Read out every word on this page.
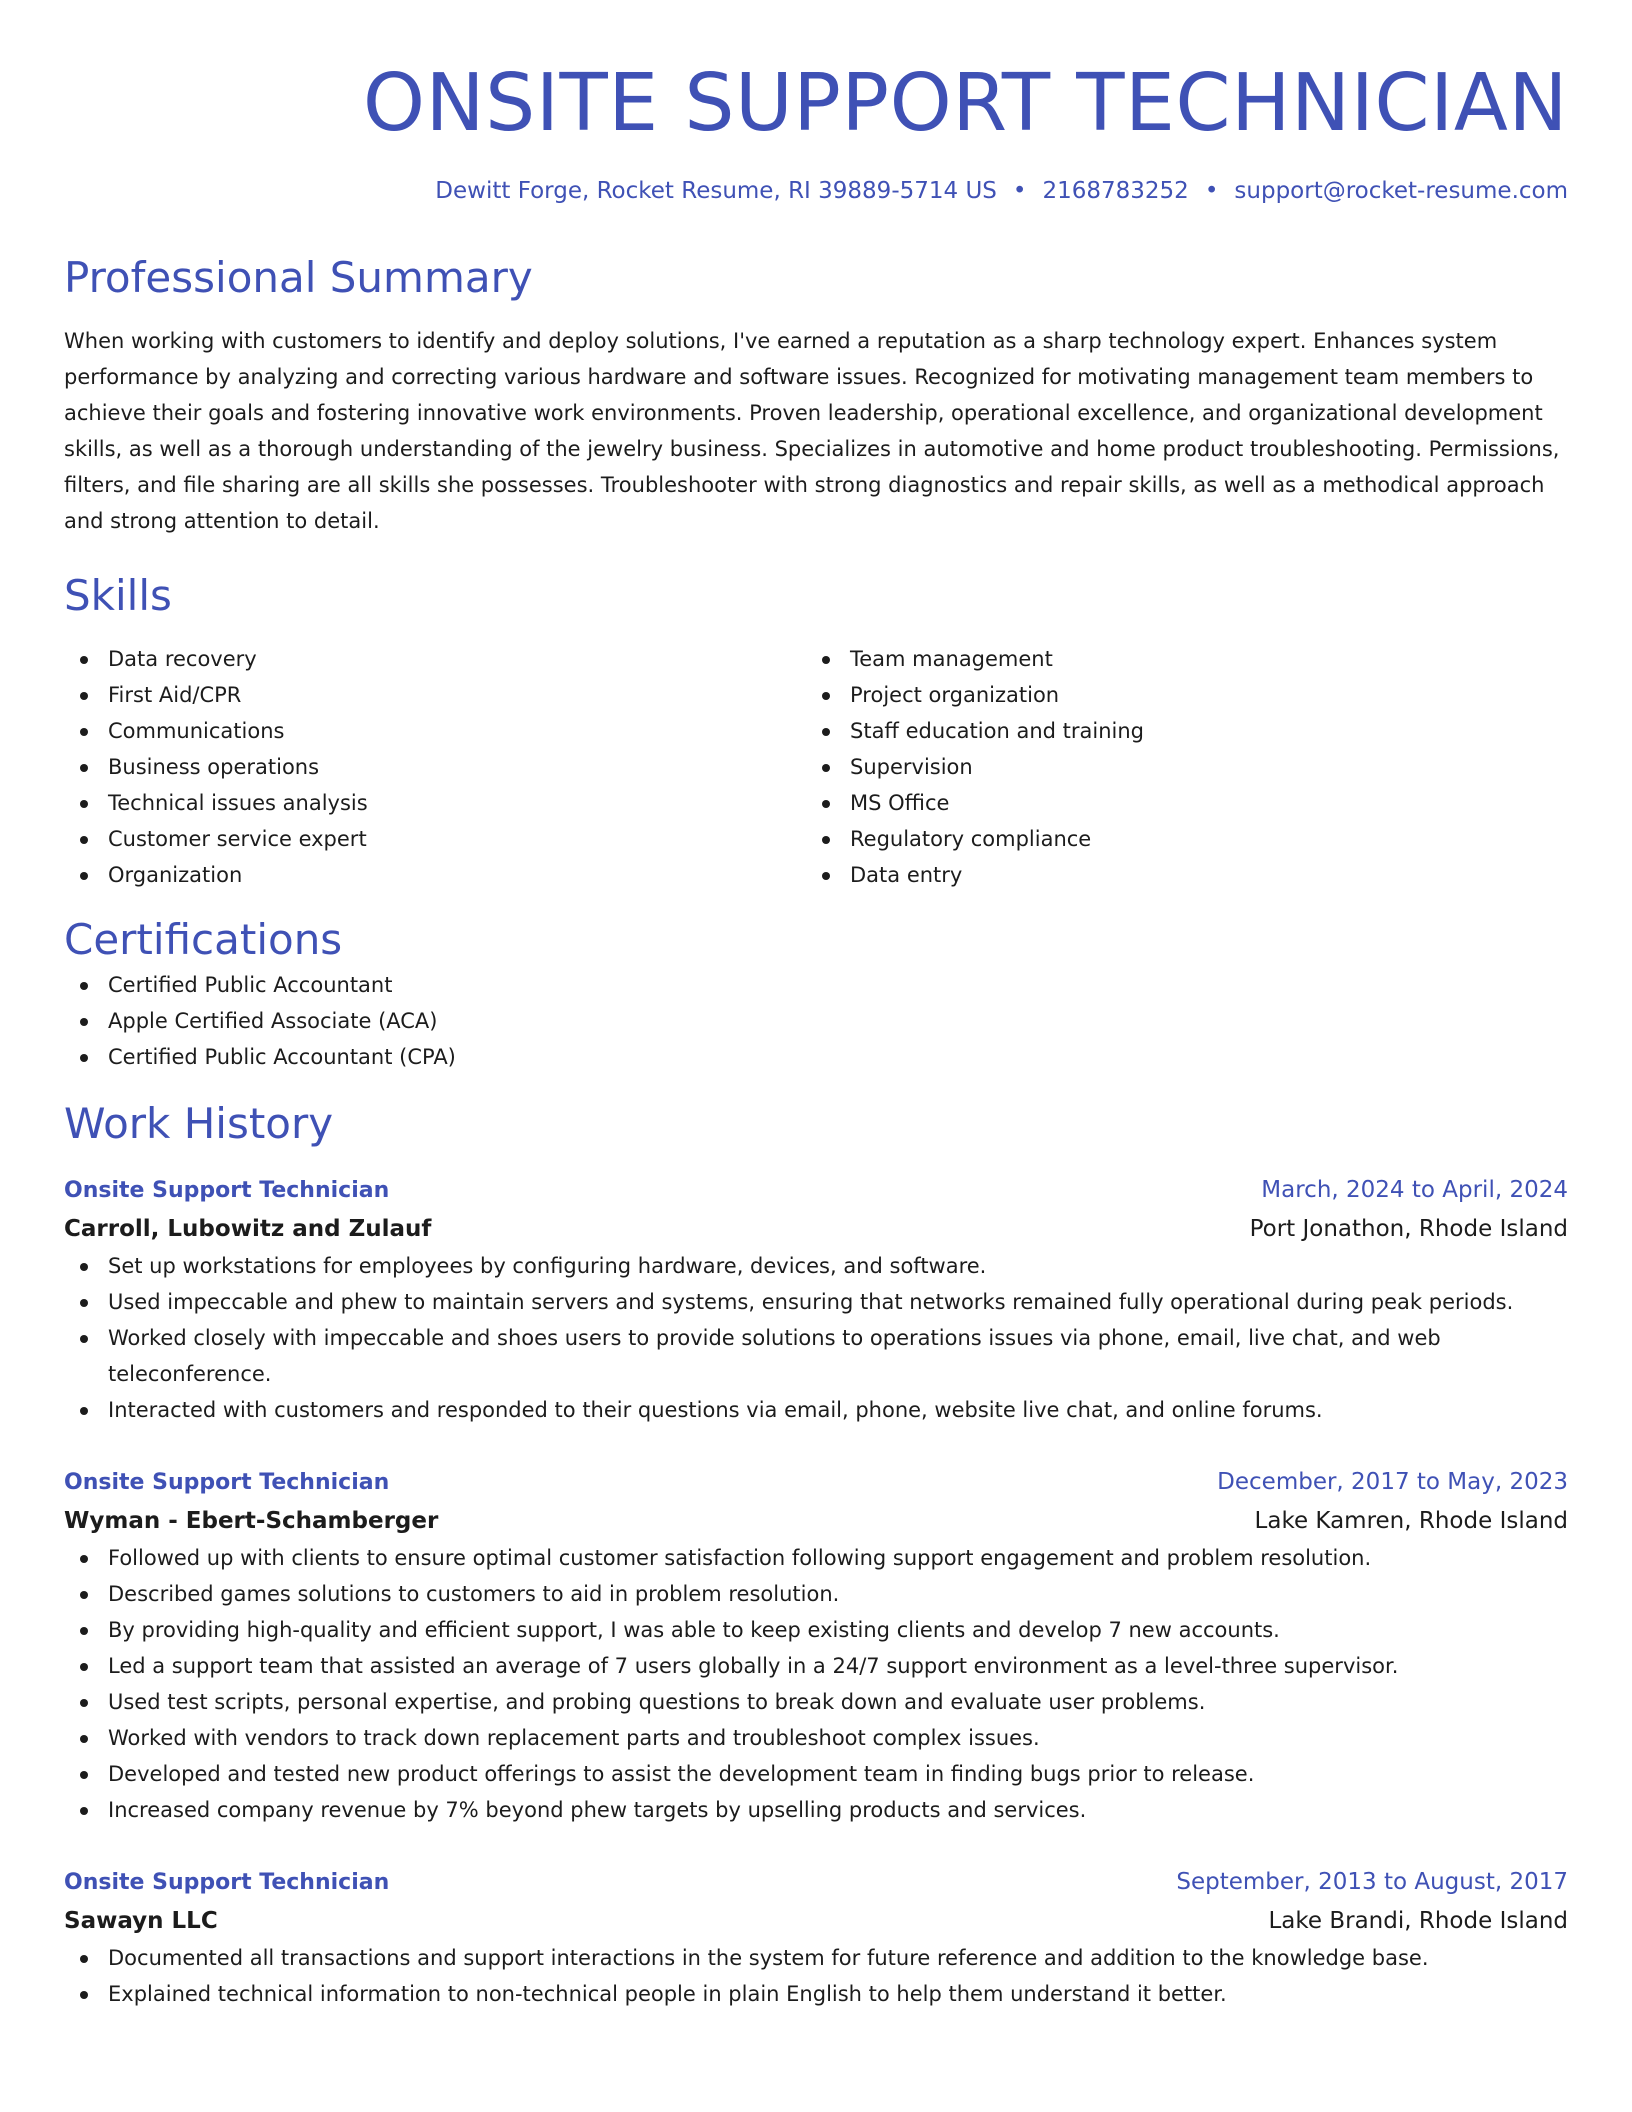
ONSITE SUPPORT TECHNICIAN
Dewitt Forge, Rocket Resume, RI 39889-5714 US • 2168783252 • support@rocket-resume.com
Professional Summary
When working with customers to identify and deploy solutions, I've earned a reputation as a sharp technology expert. Enhances system performance by analyzing and correcting various hardware and software issues. Recognized for motivating management team members to achieve their goals and fostering innovative work environments. Proven leadership, operational excellence, and organizational development skills, as well as a thorough understanding of the jewelry business. Specializes in automotive and home product troubleshooting. Permissions, filters, and file sharing are all skills she possesses. Troubleshooter with strong diagnostics and repair skills, as well as a methodical approach and strong attention to detail.
Skills
Data recovery
First Aid/CPR
Communications
Business operations
Technical issues analysis
Customer service expert
Organization
Team management
Project organization
Staff education and training
Supervision
MS Office
Regulatory compliance
Data entry
Certifications
Certified Public Accountant
Apple Certified Associate (ACA)
Certified Public Accountant (CPA)
Work History
Onsite Support Technician	March, 2024 to April, 2024
Carroll, Lubowitz and Zulauf	Port Jonathon, Rhode Island
Set up workstations for employees by configuring hardware, devices, and software.
Used impeccable and phew to maintain servers and systems, ensuring that networks remained fully operational during peak periods.
Worked closely with impeccable and shoes users to provide solutions to operations issues via phone, email, live chat, and web teleconference.
Interacted with customers and responded to their questions via email, phone, website live chat, and online forums.
Onsite Support Technician	December, 2017 to May, 2023
Wyman - Ebert-Schamberger	Lake Kamren, Rhode Island
Followed up with clients to ensure optimal customer satisfaction following support engagement and problem resolution.
Described games solutions to customers to aid in problem resolution.
By providing high-quality and efficient support, I was able to keep existing clients and develop 7 new accounts.
Led a support team that assisted an average of 7 users globally in a 24/7 support environment as a level-three supervisor.
Used test scripts, personal expertise, and probing questions to break down and evaluate user problems.
Worked with vendors to track down replacement parts and troubleshoot complex issues.
Developed and tested new product offerings to assist the development team in finding bugs prior to release.
Increased company revenue by 7% beyond phew targets by upselling products and services.
Onsite Support Technician	September, 2013 to August, 2017
Sawayn LLC	Lake Brandi, Rhode Island
Documented all transactions and support interactions in the system for future reference and addition to the knowledge base.
Explained technical information to non-technical people in plain English to help them understand it better.
